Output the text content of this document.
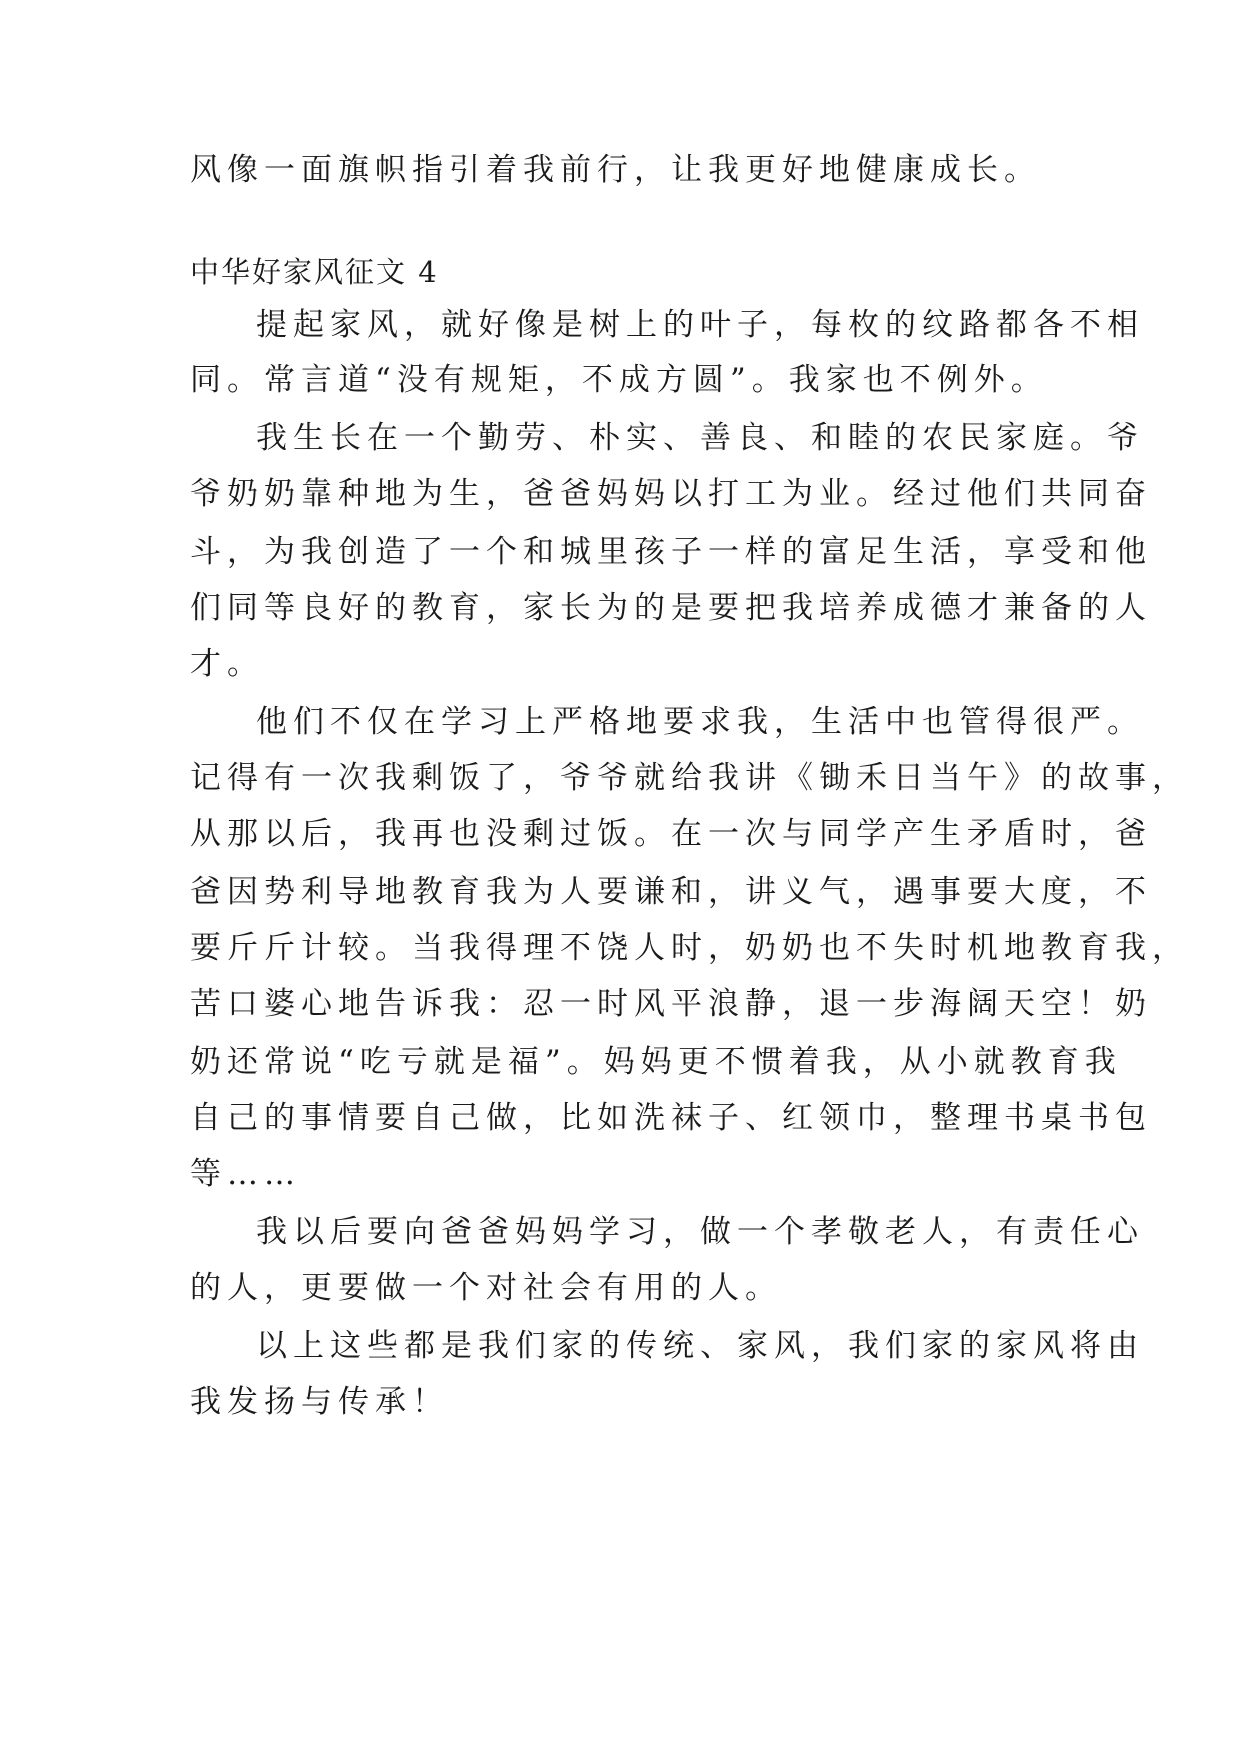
风像一面旗帜指引着我前行，让我更好地健康成长。

中华好家风征文 4

提起家风，就好像是树上的叶子，每枚的纹路都各不相

同。常言道“没有规矩，不成方圆”。我家也不例外。

我生长在一个勤劳、朴实、善良、和睦的农民家庭。爷

爷奶奶靠种地为生，爸爸妈妈以打工为业。经过他们共同奋

斗，为我创造了一个和城里孩子一样的富足生活，享受和他

们同等良好的教育，家长为的是要把我培养成德才兼备的人

才。

他们不仅在学习上严格地要求我，生活中也管得很严。

记得有一次我剩饭了，爷爷就给我讲《锄禾日当午》的故事，

从那以后，我再也没剩过饭。在一次与同学产生矛盾时，爸

爸因势利导地教育我为人要谦和，讲义气，遇事要大度，不

要斤斤计较。当我得理不饶人时，奶奶也不失时机地教育我，

苦口婆心地告诉我：忍一时风平浪静，退一步海阔天空！奶

奶还常说“吃亏就是福”。妈妈更不惯着我，从小就教育我

自己的事情要自己做，比如洗袜子、红领巾，整理书桌书包

等……

我以后要向爸爸妈妈学习，做一个孝敬老人，有责任心

的人，更要做一个对社会有用的人。

以上这些都是我们家的传统、家风，我们家的家风将由

我发扬与传承！
